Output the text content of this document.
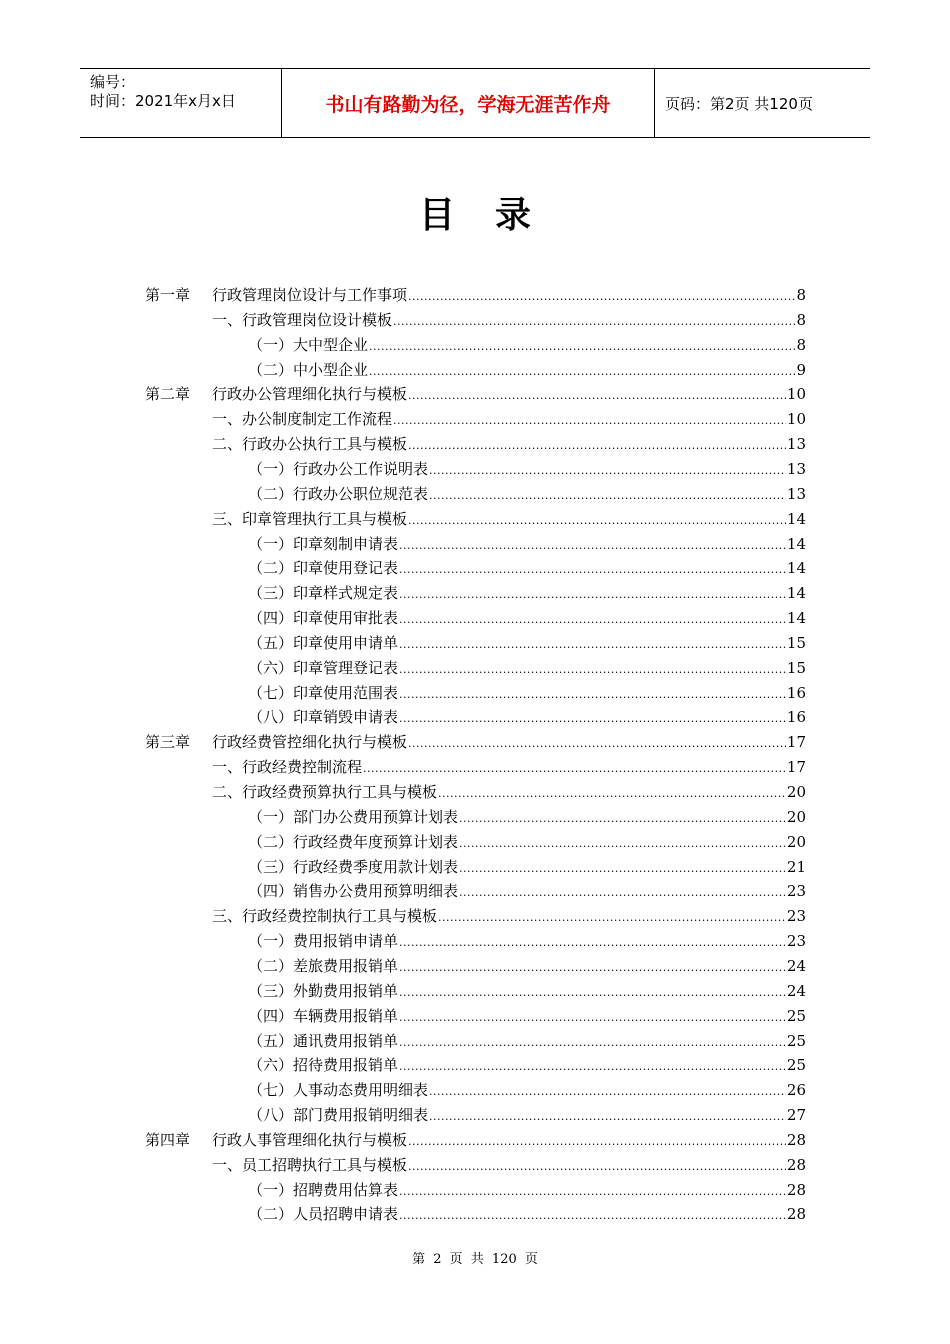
编号：
时间：2021年x月x日	书山有路勤为径，学海无涯苦作舟	页码：第2页 共120页
目录
第一章	行政管理岗位设计与工作事项 .....	8
一、行政管理岗位设计模板 .....	8
（一）大中型企业 .....	8
（二）中小型企业 .....	9
第二章	行政办公管理细化执行与模板 .....	10
一、办公制度制定工作流程 .....	10
二、行政办公执行工具与模板 .....	13
（一）行政办公工作说明表 .....	13
（二）行政办公职位规范表 .....	13
三、印章管理执行工具与模板 .....	14
（一）印章刻制申请表 .....	14
（二）印章使用登记表 .....	14
（三）印章样式规定表 .....	14
（四）印章使用审批表 .....	14
（五）印章使用申请单 .....	15
（六）印章管理登记表 .....	15
（七）印章使用范围表 .....	16
（八）印章销毁申请表 .....	16
第三章	行政经费管控细化执行与模板 .....	17
一、行政经费控制流程 .....	17
二、行政经费预算执行工具与模板 .....	20
（一）部门办公费用预算计划表 .....	20
（二）行政经费年度预算计划表 .....	20
（三）行政经费季度用款计划表 .....	21
（四）销售办公费用预算明细表 .....	23
三、行政经费控制执行工具与模板 .....	23
（一）费用报销申请单 .....	23
（二）差旅费用报销单 .....	24
（三）外勤费用报销单 .....	24
（四）车辆费用报销单 .....	25
（五）通讯费用报销单 .....	25
（六）招待费用报销单 .....	25
（七）人事动态费用明细表 .....	26
（八）部门费用报销明细表 .....	27
第四章	行政人事管理细化执行与模板 .....	28
一、员工招聘执行工具与模板 .....	28
（一）招聘费用估算表 .....	28
（二）人员招聘申请表 .....	28
第 2 页 共 120 页
